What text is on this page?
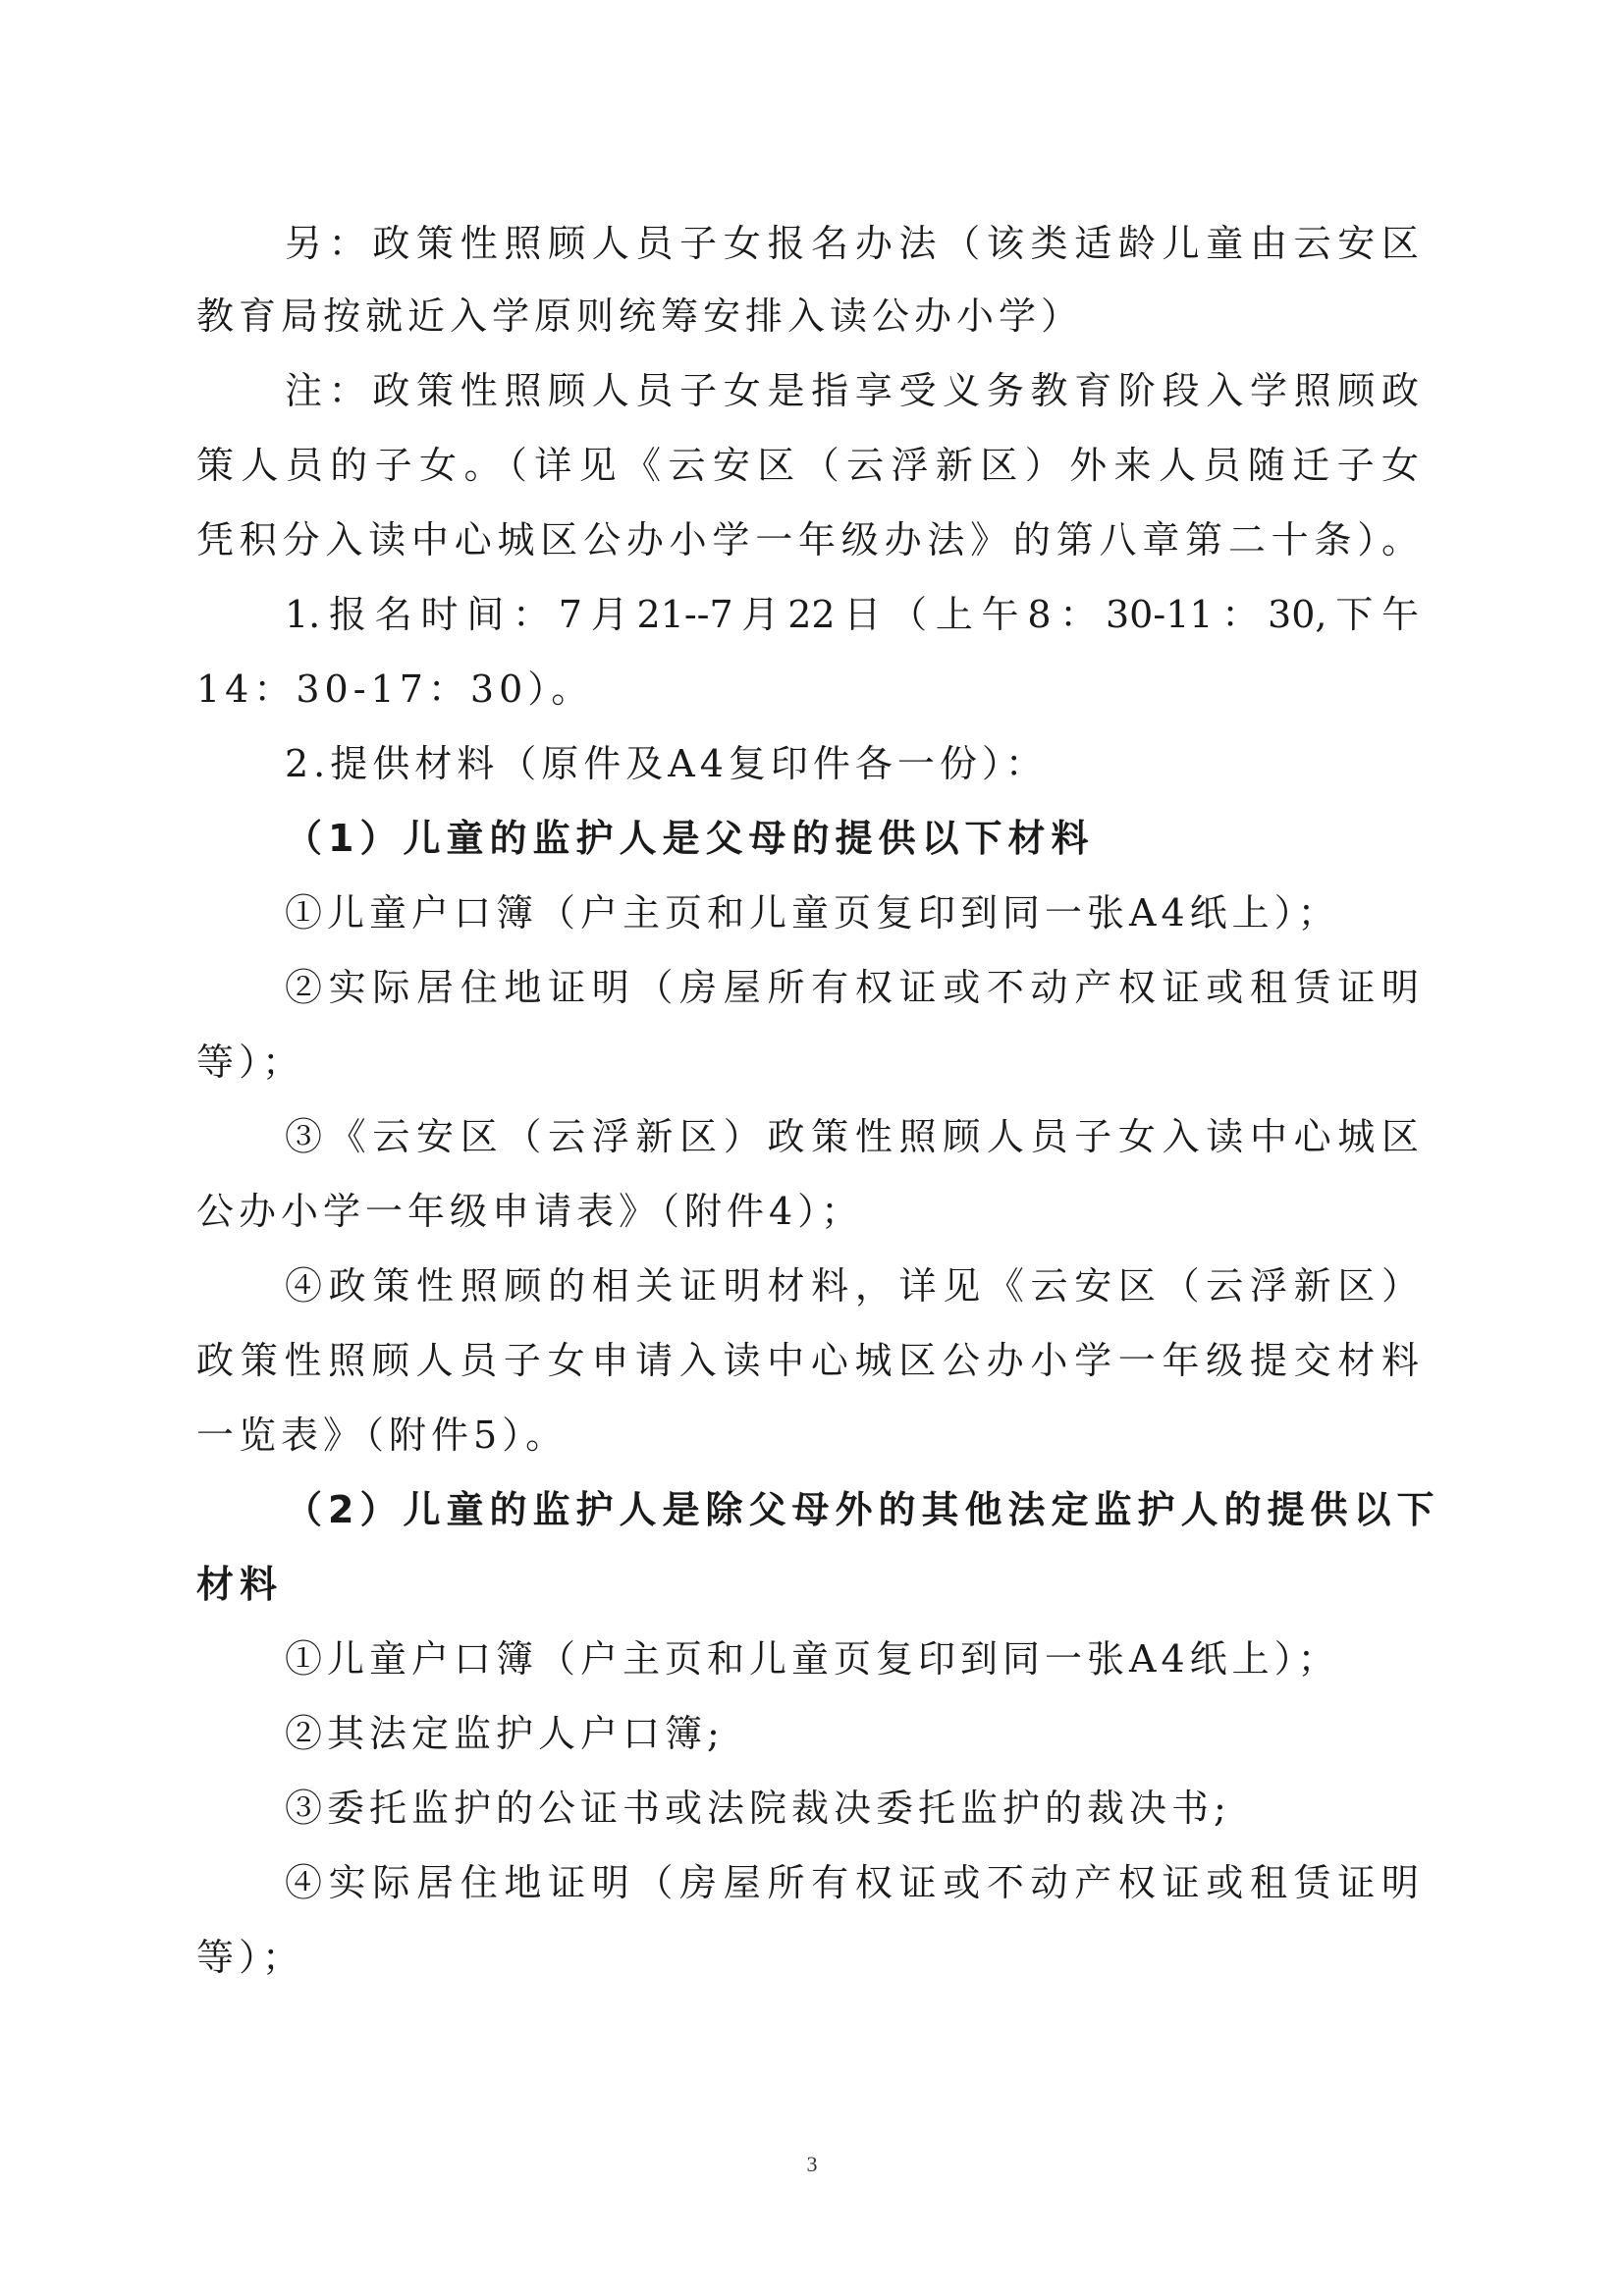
另：政策性照顾人员子女报名办法（该类适龄儿童由云安区
教育局按就近入学原则统筹安排入读公办小学）
注：政策性照顾人员子女是指享受义务教育阶段入学照顾政
策人员的子女。（详见《云安区（云浮新区）外来人员随迁子女
凭积分入读中心城区公办小学一年级办法》的第八章第二十条）。
1.报名时间：7月21--7月22日（上午8：30-11：30,下午
14：30-17：30）。
2.提供材料（原件及A4复印件各一份）：
（1）儿童的监护人是父母的提供以下材料
①儿童户口簿（户主页和儿童页复印到同一张A4纸上）；
②实际居住地证明（房屋所有权证或不动产权证或租赁证明
等）；
③《云安区（云浮新区）政策性照顾人员子女入读中心城区
公办小学一年级申请表》（附件4）；
④政策性照顾的相关证明材料，详见《云安区（云浮新区）
政策性照顾人员子女申请入读中心城区公办小学一年级提交材料
一览表》（附件5）。
（2）儿童的监护人是除父母外的其他法定监护人的提供以下
材料
①儿童户口簿（户主页和儿童页复印到同一张A4纸上）；
②其法定监护人户口簿;
③委托监护的公证书或法院裁决委托监护的裁决书;
④实际居住地证明（房屋所有权证或不动产权证或租赁证明
等）；
3
